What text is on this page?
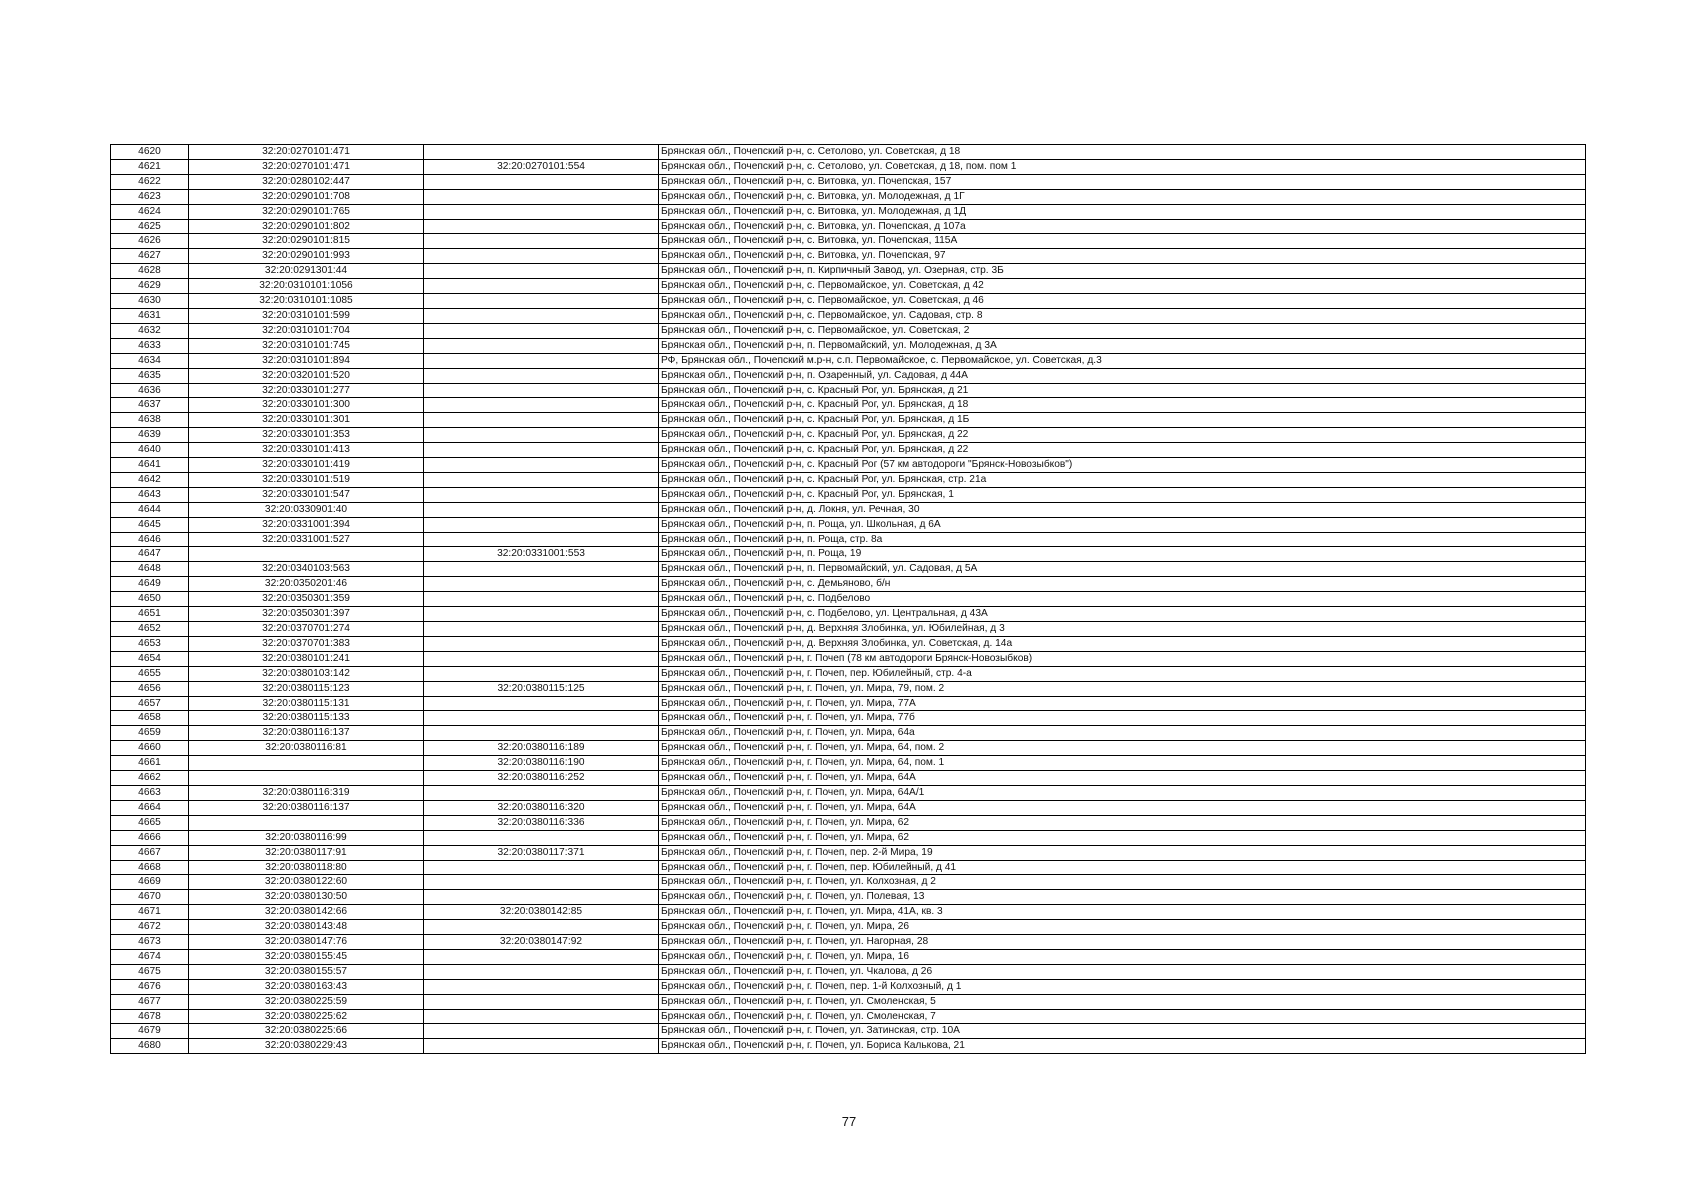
4620	32:20:0270101:471		Брянская обл., Почепский р-н, с. Сетолово, ул. Советская, д 18
4621	32:20:0270101:471	32:20:0270101:554	Брянская обл., Почепский р-н, с. Сетолово, ул. Советская, д 18, пом. пом 1
4622	32:20:0280102:447		Брянская обл., Почепский р-н, с. Витовка, ул. Почепская, 157
4623	32:20:0290101:708		Брянская обл., Почепский р-н, с. Витовка, ул. Молодежная, д 1Г
4624	32:20:0290101:765		Брянская обл., Почепский р-н, с. Витовка, ул. Молодежная, д 1Д
4625	32:20:0290101:802		Брянская обл., Почепский р-н, с. Витовка, ул. Почепская, д 107а
4626	32:20:0290101:815		Брянская обл., Почепский р-н, с. Витовка, ул. Почепская, 115А
4627	32:20:0290101:993		Брянская обл., Почепский р-н, с. Витовка, ул. Почепская, 97
4628	32:20:0291301:44		Брянская обл., Почепский р-н, п. Кирпичный Завод, ул. Озерная, стр. 3Б
4629	32:20:0310101:1056		Брянская обл., Почепский р-н, с. Первомайское, ул. Советская, д 42
4630	32:20:0310101:1085		Брянская обл., Почепский р-н, с. Первомайское, ул. Советская, д 46
4631	32:20:0310101:599		Брянская обл., Почепский р-н, с. Первомайское, ул. Садовая, стр. 8
4632	32:20:0310101:704		Брянская обл., Почепский р-н, с. Первомайское, ул. Советская, 2
4633	32:20:0310101:745		Брянская обл., Почепский р-н, п. Первомайский, ул. Молодежная, д 3А
4634	32:20:0310101:894		РФ, Брянская обл., Почепский м.р-н, с.п. Первомайское, с. Первомайское, ул. Советская, д.3
4635	32:20:0320101:520		Брянская обл., Почепский р-н, п. Озаренный, ул. Садовая, д 44А
4636	32:20:0330101:277		Брянская обл., Почепский р-н, с. Красный Рог, ул. Брянская, д 21
4637	32:20:0330101:300		Брянская обл., Почепский р-н, с. Красный Рог, ул. Брянская, д 18
4638	32:20:0330101:301		Брянская обл., Почепский р-н, с. Красный Рог, ул. Брянская, д 1Б
4639	32:20:0330101:353		Брянская обл., Почепский р-н, с. Красный Рог, ул. Брянская, д 22
4640	32:20:0330101:413		Брянская обл., Почепский р-н, с. Красный Рог, ул. Брянская, д 22
4641	32:20:0330101:419		Брянская обл., Почепский р-н, с. Красный Рог (57 км автодороги "Брянск-Новозыбков")
4642	32:20:0330101:519		Брянская обл., Почепский р-н, с. Красный Рог, ул. Брянская, стр. 21а
4643	32:20:0330101:547		Брянская обл., Почепский р-н, с. Красный Рог, ул. Брянская, 1
4644	32:20:0330901:40		Брянская обл., Почепский р-н, д. Локня, ул. Речная, 30
4645	32:20:0331001:394		Брянская обл., Почепский р-н, п. Роща, ул. Школьная, д 6А
4646	32:20:0331001:527		Брянская обл., Почепский р-н, п. Роща, стр. 8а
4647		32:20:0331001:553	Брянская обл., Почепский р-н, п. Роща, 19
4648	32:20:0340103:563		Брянская обл., Почепский р-н, п. Первомайский, ул. Садовая, д 5А
4649	32:20:0350201:46		Брянская обл., Почепский р-н, с. Демьяново, б/н
4650	32:20:0350301:359		Брянская обл., Почепский р-н, с. Подбелово
4651	32:20:0350301:397		Брянская обл., Почепский р-н, с. Подбелово, ул. Центральная, д 43А
4652	32:20:0370701:274		Брянская обл., Почепский р-н, д. Верхняя Злобинка, ул. Юбилейная, д 3
4653	32:20:0370701:383		Брянская обл., Почепский р-н, д. Верхняя Злобинка, ул. Советская, д. 14а
4654	32:20:0380101:241		Брянская обл., Почепский р-н, г. Почеп (78 км автодороги Брянск-Новозыбков)
4655	32:20:0380103:142		Брянская обл., Почепский р-н, г. Почеп, пер. Юбилейный, стр. 4-а
4656	32:20:0380115:123	32:20:0380115:125	Брянская обл., Почепский р-н, г. Почеп, ул. Мира, 79, пом. 2
4657	32:20:0380115:131		Брянская обл., Почепский р-н, г. Почеп, ул. Мира, 77А
4658	32:20:0380115:133		Брянская обл., Почепский р-н, г. Почеп, ул. Мира, 77б
4659	32:20:0380116:137		Брянская обл., Почепский р-н, г. Почеп, ул. Мира, 64а
4660	32:20:0380116:81	32:20:0380116:189	Брянская обл., Почепский р-н, г. Почеп, ул. Мира, 64, пом. 2
4661		32:20:0380116:190	Брянская обл., Почепский р-н, г. Почеп, ул. Мира, 64, пом. 1
4662		32:20:0380116:252	Брянская обл., Почепский р-н, г. Почеп, ул. Мира, 64А
4663	32:20:0380116:319		Брянская обл., Почепский р-н, г. Почеп, ул. Мира, 64А/1
4664	32:20:0380116:137	32:20:0380116:320	Брянская обл., Почепский р-н, г. Почеп, ул. Мира, 64А
4665		32:20:0380116:336	Брянская обл., Почепский р-н, г. Почеп, ул. Мира, 62
4666	32:20:0380116:99		Брянская обл., Почепский р-н, г. Почеп, ул. Мира, 62
4667	32:20:0380117:91	32:20:0380117:371	Брянская обл., Почепский р-н, г. Почеп, пер. 2-й Мира, 19
4668	32:20:0380118:80		Брянская обл., Почепский р-н, г. Почеп, пер. Юбилейный, д 41
4669	32:20:0380122:60		Брянская обл., Почепский р-н, г. Почеп, ул. Колхозная, д 2
4670	32:20:0380130:50		Брянская обл., Почепский р-н, г. Почеп, ул. Полевая, 13
4671	32:20:0380142:66	32:20:0380142:85	Брянская обл., Почепский р-н, г. Почеп, ул. Мира, 41А, кв. 3
4672	32:20:0380143:48		Брянская обл., Почепский р-н, г. Почеп, ул. Мира, 26
4673	32:20:0380147:76	32:20:0380147:92	Брянская обл., Почепский р-н, г. Почеп, ул. Нагорная, 28
4674	32:20:0380155:45		Брянская обл., Почепский р-н, г. Почеп, ул. Мира, 16
4675	32:20:0380155:57		Брянская обл., Почепский р-н, г. Почеп, ул. Чкалова, д 26
4676	32:20:0380163:43		Брянская обл., Почепский р-н, г. Почеп, пер. 1-й Колхозный, д 1
4677	32:20:0380225:59		Брянская обл., Почепский р-н, г. Почеп, ул. Смоленская, 5
4678	32:20:0380225:62		Брянская обл., Почепский р-н, г. Почеп, ул. Смоленская, 7
4679	32:20:0380225:66		Брянская обл., Почепский р-н, г. Почеп, ул. Затинская, стр. 10А
4680	32:20:0380229:43		Брянская обл., Почепский р-н, г. Почеп, ул. Бориса Калькова, 21
77
